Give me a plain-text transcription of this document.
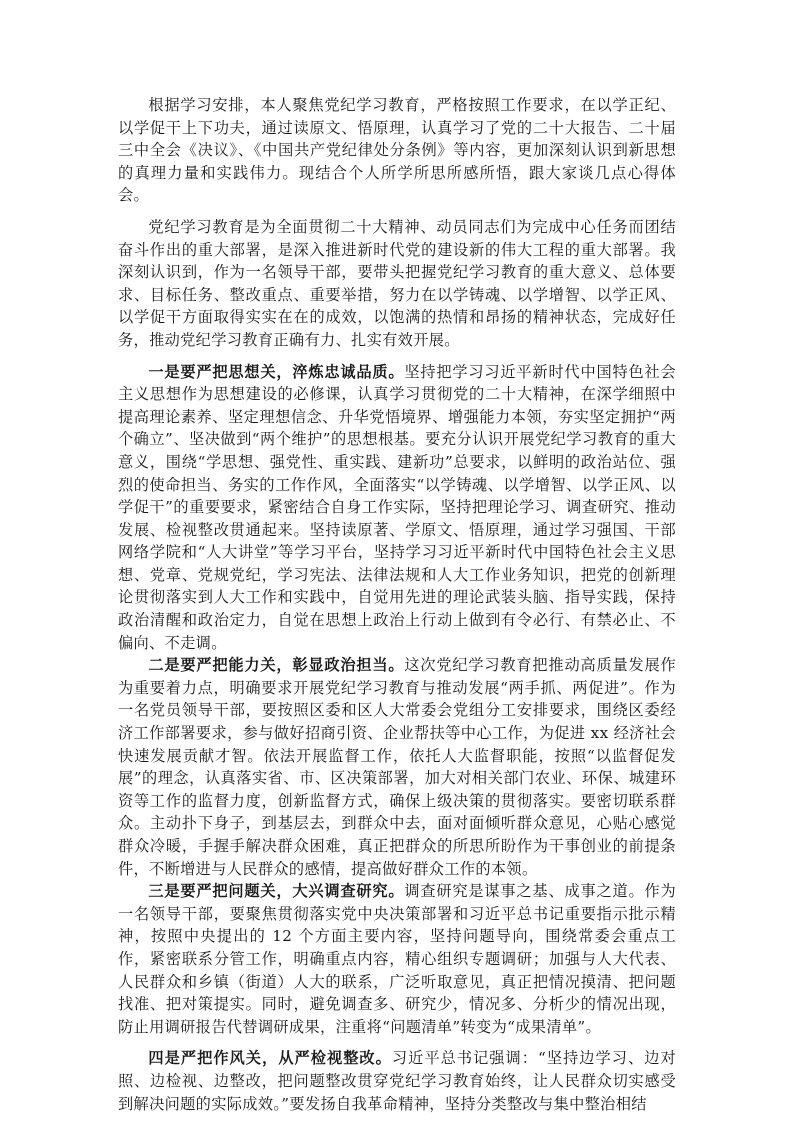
根据学习安排，本人聚焦党纪学习教育，严格按照工作要求，在以学正纪、以学促干上下功夫，通过读原文、悟原理，认真学习了党的二十大报告、二十届三中全会《决议》、《中国共产党纪律处分条例》等内容，更加深刻认识到新思想的真理力量和实践伟力。现结合个人所学所思所感所悟，跟大家谈几点心得体会。

党纪学习教育是为全面贯彻二十大精神、动员同志们为完成中心任务而团结奋斗作出的重大部署，是深入推进新时代党的建设新的伟大工程的重大部署。我深刻认识到，作为一名领导干部，要带头把握党纪学习教育的重大意义、总体要求、目标任务、整改重点、重要举措，努力在以学铸魂、以学增智、以学正风、以学促干方面取得实实在在的成效，以饱满的热情和昂扬的精神状态，完成好任务，推动党纪学习教育正确有力、扎实有效开展。

一是要严把思想关，淬炼忠诚品质。坚持把学习习近平新时代中国特色社会主义思想作为思想建设的必修课，认真学习贯彻党的二十大精神，在深学细照中提高理论素养、坚定理想信念、升华党悟境界、增强能力本领，夯实坚定拥护“两个确立”、坚决做到“两个维护”的思想根基。要充分认识开展党纪学习教育的重大意义，围绕“学思想、强党性、重实践、建新功”总要求，以鲜明的政治站位、强烈的使命担当、务实的工作作风，全面落实“以学铸魂、以学增智、以学正风、以学促干”的重要要求，紧密结合自身工作实际，坚持把理论学习、调查研究、推动发展、检视整改贯通起来。坚持读原著、学原文、悟原理，通过学习强国、干部网络学院和“人大讲堂”等学习平台，坚持学习习近平新时代中国特色社会主义思想、党章、党规党纪，学习宪法、法律法规和人大工作业务知识，把党的创新理论贯彻落实到人大工作和实践中，自觉用先进的理论武装头脑、指导实践，保持政治清醒和政治定力，自觉在思想上政治上行动上做到有令必行、有禁必止、不偏向、不走调。

二是要严把能力关，彰显政治担当。这次党纪学习教育把推动高质量发展作为重要着力点，明确要求开展党纪学习教育与推动发展“两手抓、两促进”。作为一名党员领导干部，要按照区委和区人大常委会党组分工安排要求，围绕区委经济工作部署要求，参与做好招商引资、企业帮扶等中心工作，为促进 xx 经济社会快速发展贡献才智。依法开展监督工作，依托人大监督职能，按照“以监督促发展”的理念，认真落实省、市、区决策部署，加大对相关部门农业、环保、城建环资等工作的监督力度，创新监督方式，确保上级决策的贯彻落实。要密切联系群众。主动扑下身子，到基层去，到群众中去，面对面倾听群众意见，心贴心感觉群众冷暖，手握手解决群众困难，真正把群众的所思所盼作为干事创业的前提条件，不断增进与人民群众的感情，提高做好群众工作的本领。

三是要严把问题关，大兴调查研究。调查研究是谋事之基、成事之道。作为一名领导干部，要聚焦贯彻落实党中央决策部署和习近平总书记重要指示批示精神，按照中央提出的 12 个方面主要内容，坚持问题导向，围绕常委会重点工作，紧密联系分管工作，明确重点内容，精心组织专题调研；加强与人大代表、人民群众和乡镇（街道）人大的联系，广泛听取意见，真正把情况摸清、把问题找准、把对策提实。同时，避免调查多、研究少，情况多、分析少的情况出现，防止用调研报告代替调研成果，注重将“问题清单”转变为“成果清单”。

四是严把作风关，从严检视整改。习近平总书记强调：“坚持边学习、边对照、边检视、边整改，把问题整改贯穿党纪学习教育始终，让人民群众切实感受到解决问题的实际成效。”要发扬自我革命精神，坚持分类整改与集中整治相结
